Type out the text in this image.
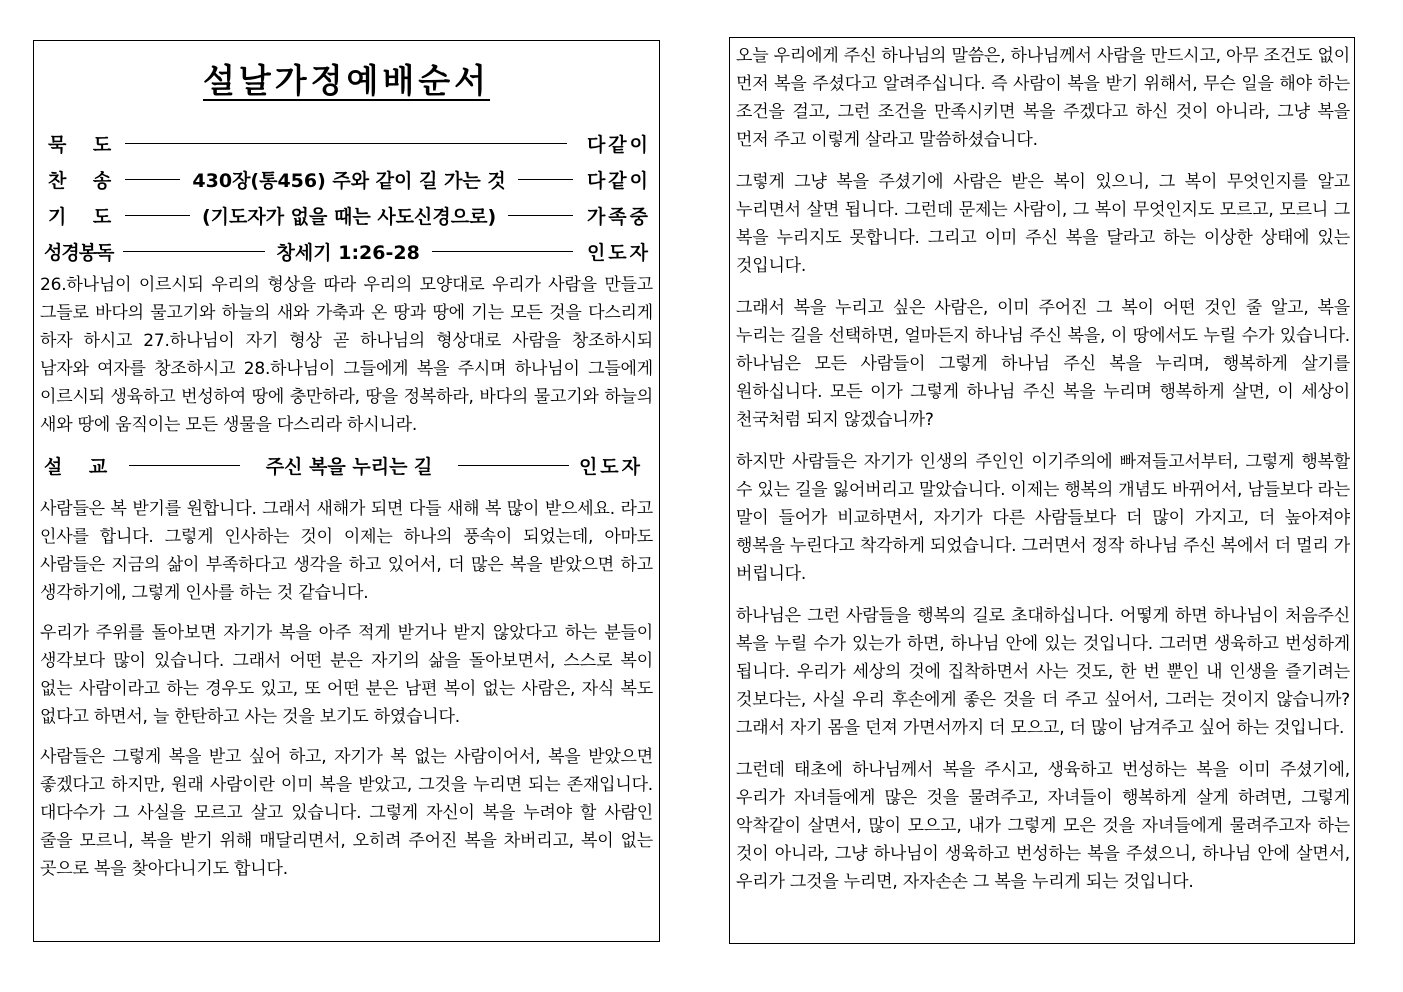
설날가정예배순서
묵    도	다같이
찬    송	430장(통456) 주와 같이 길 가는 것	다같이
기    도	(기도자가 없을 때는 사도신경으로)	가족중
성경봉독	창세기 1:26-28	인도자

26.하나님이 이르시되 우리의 형상을 따라 우리의 모양대로 우리가 사람을 만들고 그들로 바다의 물고기와 하늘의 새와 가축과 온 땅과 땅에 기는 모든 것을 다스리게 하자 하시고 27.하나님이 자기 형상 곧 하나님의 형상대로 사람을 창조하시되 남자와 여자를 창조하시고 28.하나님이 그들에게 복을 주시며 하나님이 그들에게 이르시되 생육하고 번성하여 땅에 충만하라, 땅을 정복하라, 바다의 물고기와 하늘의 새와 땅에 움직이는 모든 생물을 다스리라 하시니라.

설    교	주신 복을 누리는 길	인도자

사람들은 복 받기를 원합니다. 그래서 새해가 되면 다들 새해 복 많이 받으세요. 라고 인사를 합니다. 그렇게 인사하는 것이 이제는 하나의 풍속이 되었는데, 아마도 사람들은 지금의 삶이 부족하다고 생각을 하고 있어서, 더 많은 복을 받았으면 하고 생각하기에, 그렇게 인사를 하는 것 같습니다.

우리가 주위를 돌아보면 자기가 복을 아주 적게 받거나 받지 않았다고 하는 분들이 생각보다 많이 있습니다. 그래서 어떤 분은 자기의 삶을 돌아보면서, 스스로 복이 없는 사람이라고 하는 경우도 있고, 또 어떤 분은 남편 복이 없는 사람은, 자식 복도 없다고 하면서, 늘 한탄하고 사는 것을 보기도 하였습니다.

사람들은 그렇게 복을 받고 싶어 하고, 자기가 복 없는 사람이어서, 복을 받았으면 좋겠다고 하지만, 원래 사람이란 이미 복을 받았고, 그것을 누리면 되는 존재입니다. 대다수가 그 사실을 모르고 살고 있습니다. 그렇게 자신이 복을 누려야 할 사람인 줄을 모르니, 복을 받기 위해 매달리면서, 오히려 주어진 복을 차버리고, 복이 없는 곳으로 복을 찾아다니기도 합니다.

오늘 우리에게 주신 하나님의 말씀은, 하나님께서 사람을 만드시고, 아무 조건도 없이 먼저 복을 주셨다고 알려주십니다. 즉 사람이 복을 받기 위해서, 무슨 일을 해야 하는 조건을 걸고, 그런 조건을 만족시키면 복을 주겠다고 하신 것이 아니라, 그냥 복을 먼저 주고 이렇게 살라고 말씀하셨습니다.

그렇게 그냥 복을 주셨기에 사람은 받은 복이 있으니, 그 복이 무엇인지를 알고 누리면서 살면 됩니다. 그런데 문제는 사람이, 그 복이 무엇인지도 모르고, 모르니 그 복을 누리지도 못합니다. 그리고 이미 주신 복을 달라고 하는 이상한 상태에 있는 것입니다.

그래서 복을 누리고 싶은 사람은, 이미 주어진 그 복이 어떤 것인 줄 알고, 복을 누리는 길을 선택하면, 얼마든지 하나님 주신 복을, 이 땅에서도 누릴 수가 있습니다. 하나님은 모든 사람들이 그렇게 하나님 주신 복을 누리며, 행복하게 살기를 원하십니다. 모든 이가 그렇게 하나님 주신 복을 누리며 행복하게 살면, 이 세상이 천국처럼 되지 않겠습니까?

하지만 사람들은 자기가 인생의 주인인 이기주의에 빠져들고서부터, 그렇게 행복할 수 있는 길을 잃어버리고 말았습니다. 이제는 행복의 개념도 바뀌어서, 남들보다 라는 말이 들어가 비교하면서, 자기가 다른 사람들보다 더 많이 가지고, 더 높아져야 행복을 누린다고 착각하게 되었습니다. 그러면서 정작 하나님 주신 복에서 더 멀리 가 버립니다.

하나님은 그런 사람들을 행복의 길로 초대하십니다. 어떻게 하면 하나님이 처음주신 복을 누릴 수가 있는가 하면, 하나님 안에 있는 것입니다. 그러면 생육하고 번성하게 됩니다. 우리가 세상의 것에 집착하면서 사는 것도, 한 번 뿐인 내 인생을 즐기려는 것보다는, 사실 우리 후손에게 좋은 것을 더 주고 싶어서, 그러는 것이지 않습니까? 그래서 자기 몸을 던져 가면서까지 더 모으고, 더 많이 남겨주고 싶어 하는 것입니다.

그런데 태초에 하나님께서 복을 주시고, 생육하고 번성하는 복을 이미 주셨기에, 우리가 자녀들에게 많은 것을 물려주고, 자녀들이 행복하게 살게 하려면, 그렇게 악착같이 살면서, 많이 모으고, 내가 그렇게 모은 것을 자녀들에게 물려주고자 하는 것이 아니라, 그냥 하나님이 생육하고 번성하는 복을 주셨으니, 하나님 안에 살면서, 우리가 그것을 누리면, 자자손손 그 복을 누리게 되는 것입니다.
